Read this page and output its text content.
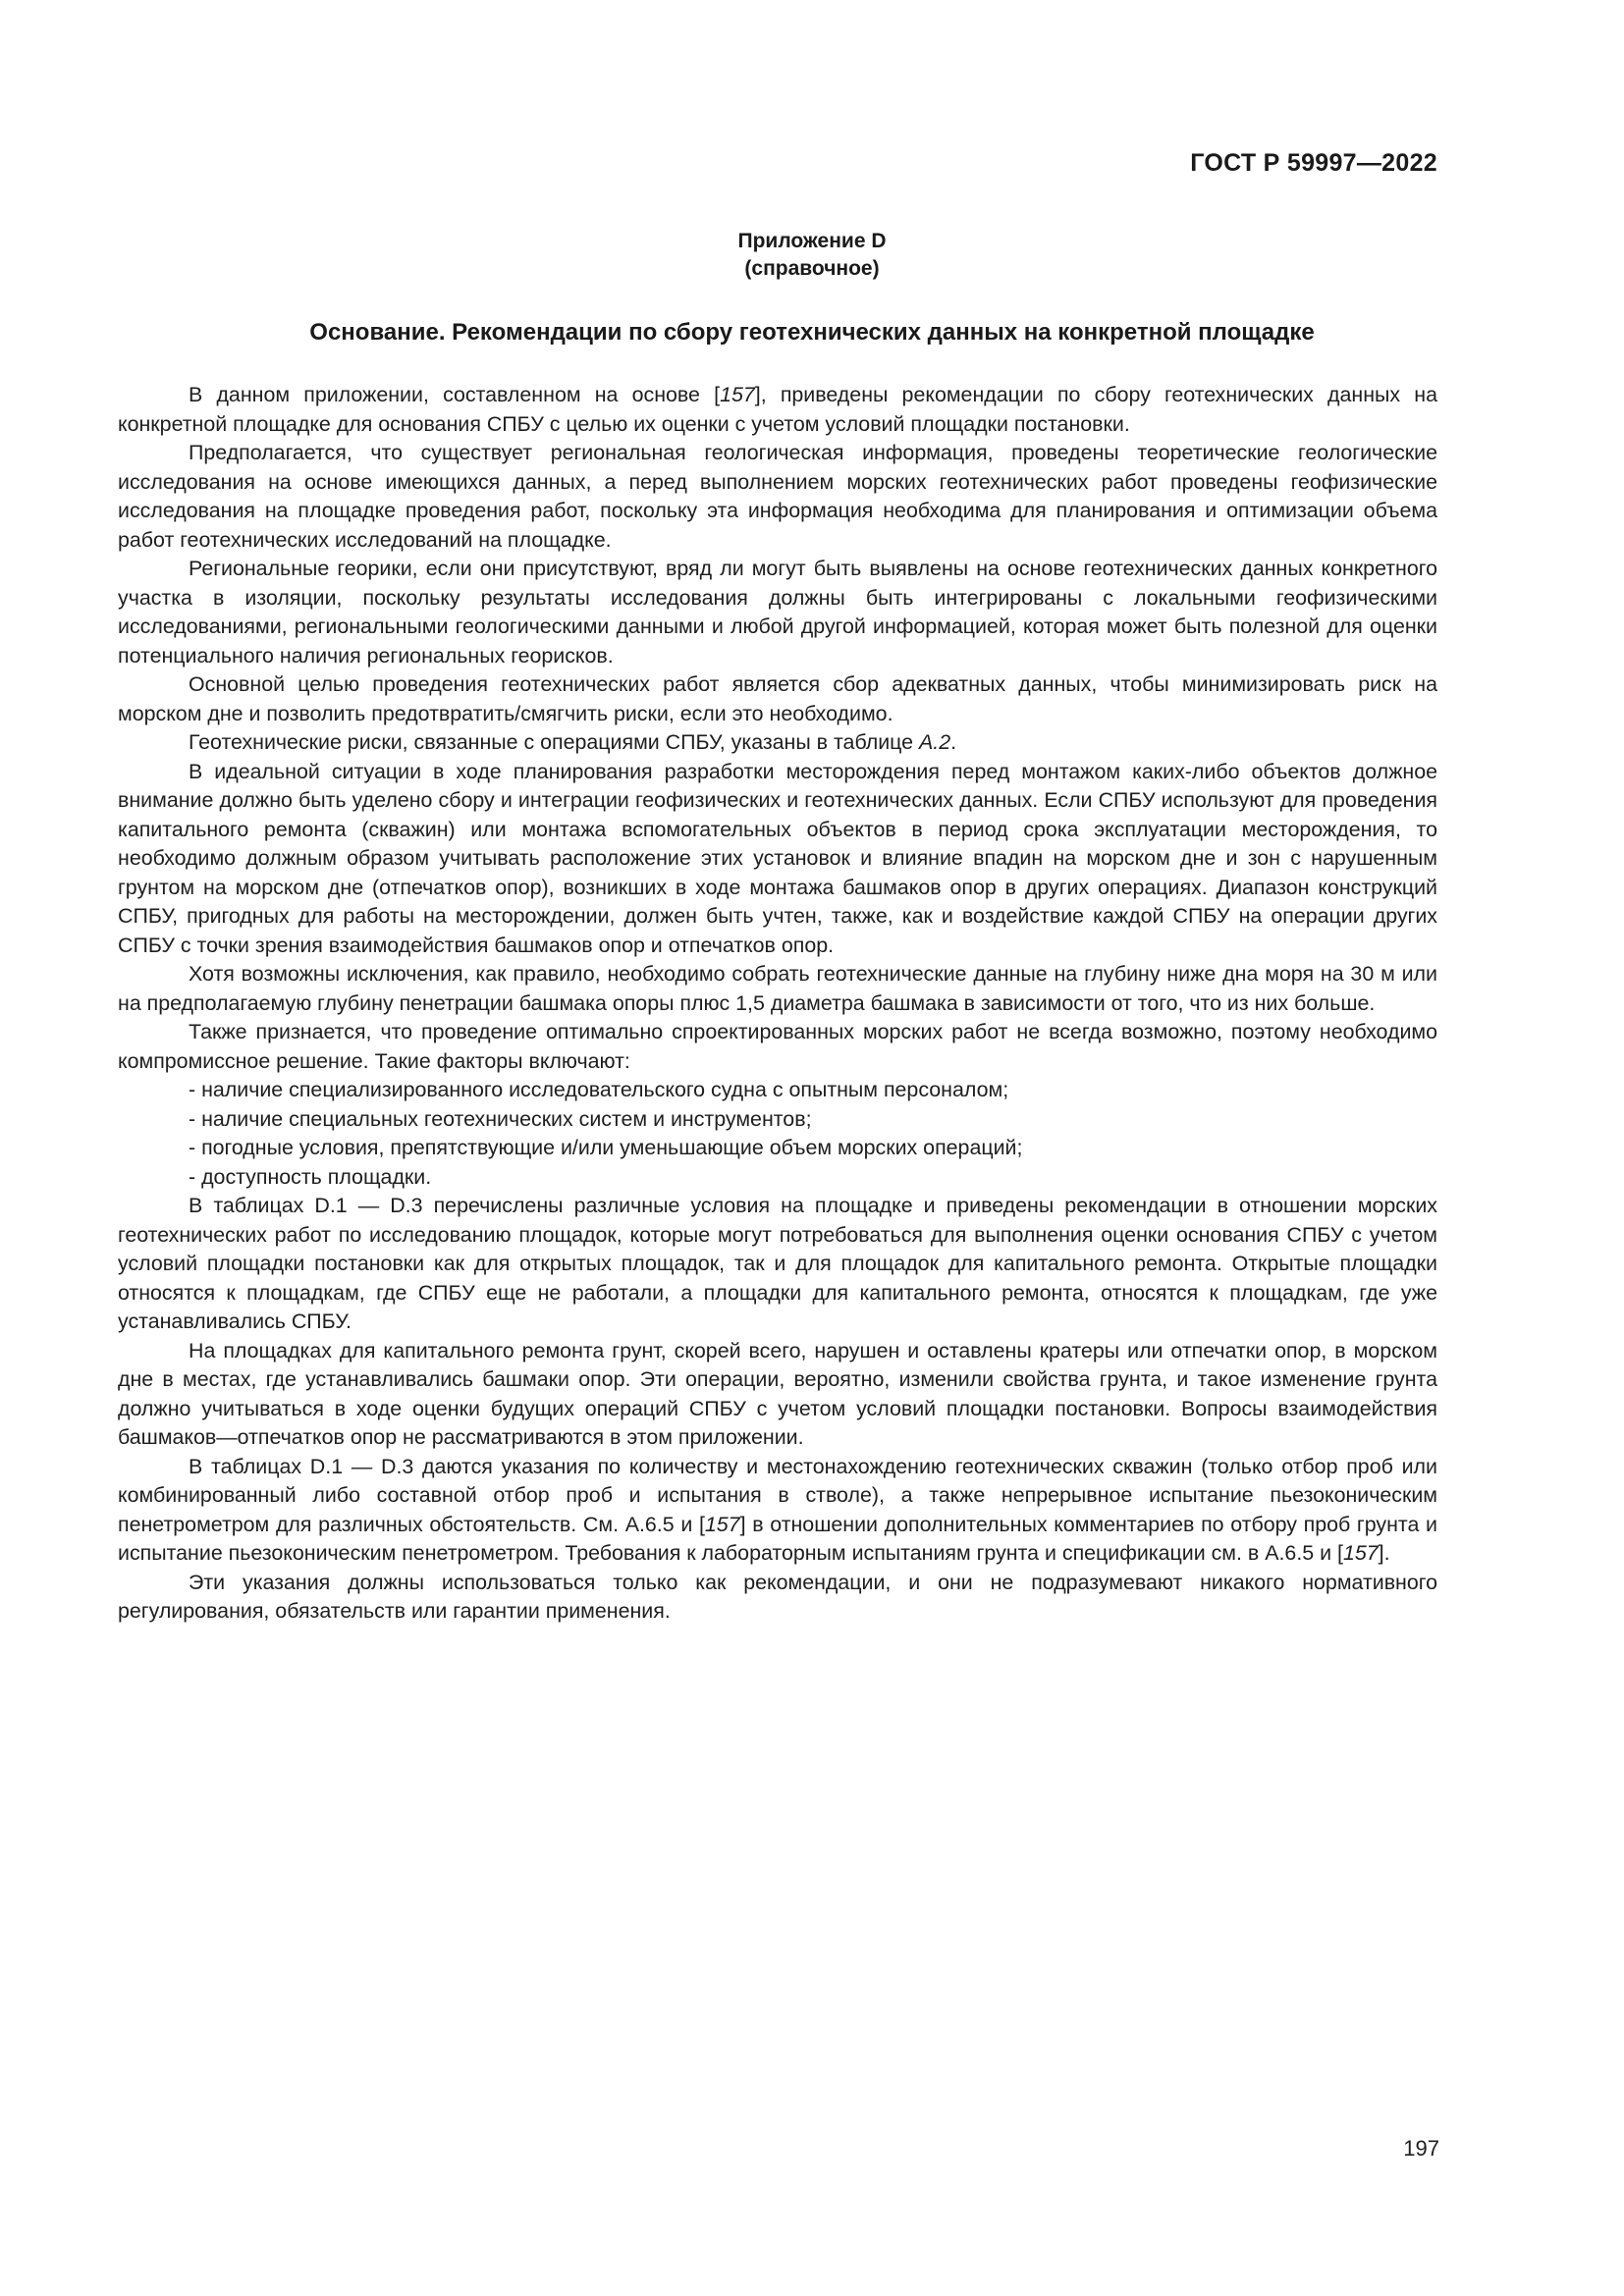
ГОСТ Р 59997—2022
Приложение D
(справочное)
Основание. Рекомендации по сбору геотехнических данных на конкретной площадке

В данном приложении, составленном на основе [157], приведены рекомендации по сбору геотехнических данных на конкретной площадке для основания СПБУ с целью их оценки с учетом условий площадки постановки.

Предполагается, что существует региональная геологическая информация, проведены теоретические геологические исследования на основе имеющихся данных, а перед выполнением морских геотехнических работ проведены геофизические исследования на площадке проведения работ, поскольку эта информация необходима для планирования и оптимизации объема работ геотехнических исследований на площадке.

Региональные георики, если они присутствуют, вряд ли могут быть выявлены на основе геотехнических данных конкретного участка в изоляции, поскольку результаты исследования должны быть интегрированы с локальными геофизическими исследованиями, региональными геологическими данными и любой другой информацией, которая может быть полезной для оценки потенциального наличия региональных георисков.

Основной целью проведения геотехнических работ является сбор адекватных данных, чтобы минимизировать риск на морском дне и позволить предотвратить/смягчить риски, если это необходимо.

Геотехнические риски, связанные с операциями СПБУ, указаны в таблице А.2.

В идеальной ситуации в ходе планирования разработки месторождения перед монтажом каких-либо объектов должное внимание должно быть уделено сбору и интеграции геофизических и геотехнических данных. Если СПБУ используют для проведения капитального ремонта (скважин) или монтажа вспомогательных объектов в период срока эксплуатации месторождения, то необходимо должным образом учитывать расположение этих установок и влияние впадин на морском дне и зон с нарушенным грунтом на морском дне (отпечатков опор), возникших в ходе монтажа башмаков опор в других операциях. Диапазон конструкций СПБУ, пригодных для работы на месторождении, должен быть учтен, также, как и воздействие каждой СПБУ на операции других СПБУ с точки зрения взаимодействия башмаков опор и отпечатков опор.

Хотя возможны исключения, как правило, необходимо собрать геотехнические данные на глубину ниже дна моря на 30 м или на предполагаемую глубину пенетрации башмака опоры плюс 1,5 диаметра башмака в зависимости от того, что из них больше.

Также признается, что проведение оптимально спроектированных морских работ не всегда возможно, поэтому необходимо компромиссное решение. Такие факторы включают:

- наличие специализированного исследовательского судна с опытным персоналом;

- наличие специальных геотехнических систем и инструментов;

- погодные условия, препятствующие и/или уменьшающие объем морских операций;

- доступность площадки.

В таблицах D.1 — D.3 перечислены различные условия на площадке и приведены рекомендации в отношении морских геотехнических работ по исследованию площадок, которые могут потребоваться для выполнения оценки основания СПБУ с учетом условий площадки постановки как для открытых площадок, так и для площадок для капитального ремонта. Открытые площадки относятся к площадкам, где СПБУ еще не работали, а площадки для капитального ремонта, относятся к площадкам, где уже устанавливались СПБУ.

На площадках для капитального ремонта грунт, скорей всего, нарушен и оставлены кратеры или отпечатки опор, в морском дне в местах, где устанавливались башмаки опор. Эти операции, вероятно, изменили свойства грунта, и такое изменение грунта должно учитываться в ходе оценки будущих операций СПБУ с учетом условий площадки постановки. Вопросы взаимодействия башмаков—отпечатков опор не рассматриваются в этом приложении.

В таблицах D.1 — D.3 даются указания по количеству и местонахождению геотехнических скважин (только отбор проб или комбинированный либо составной отбор проб и испытания в стволе), а также непрерывное испытание пьезоконическим пенетрометром для различных обстоятельств. См. А.6.5 и [157] в отношении дополнительных комментариев по отбору проб грунта и испытание пьезоконическим пенетрометром. Требования к лабораторным испытаниям грунта и спецификации см. в А.6.5 и [157].

Эти указания должны использоваться только как рекомендации, и они не подразумевают никакого нормативного регулирования, обязательств или гарантии применения.

197
